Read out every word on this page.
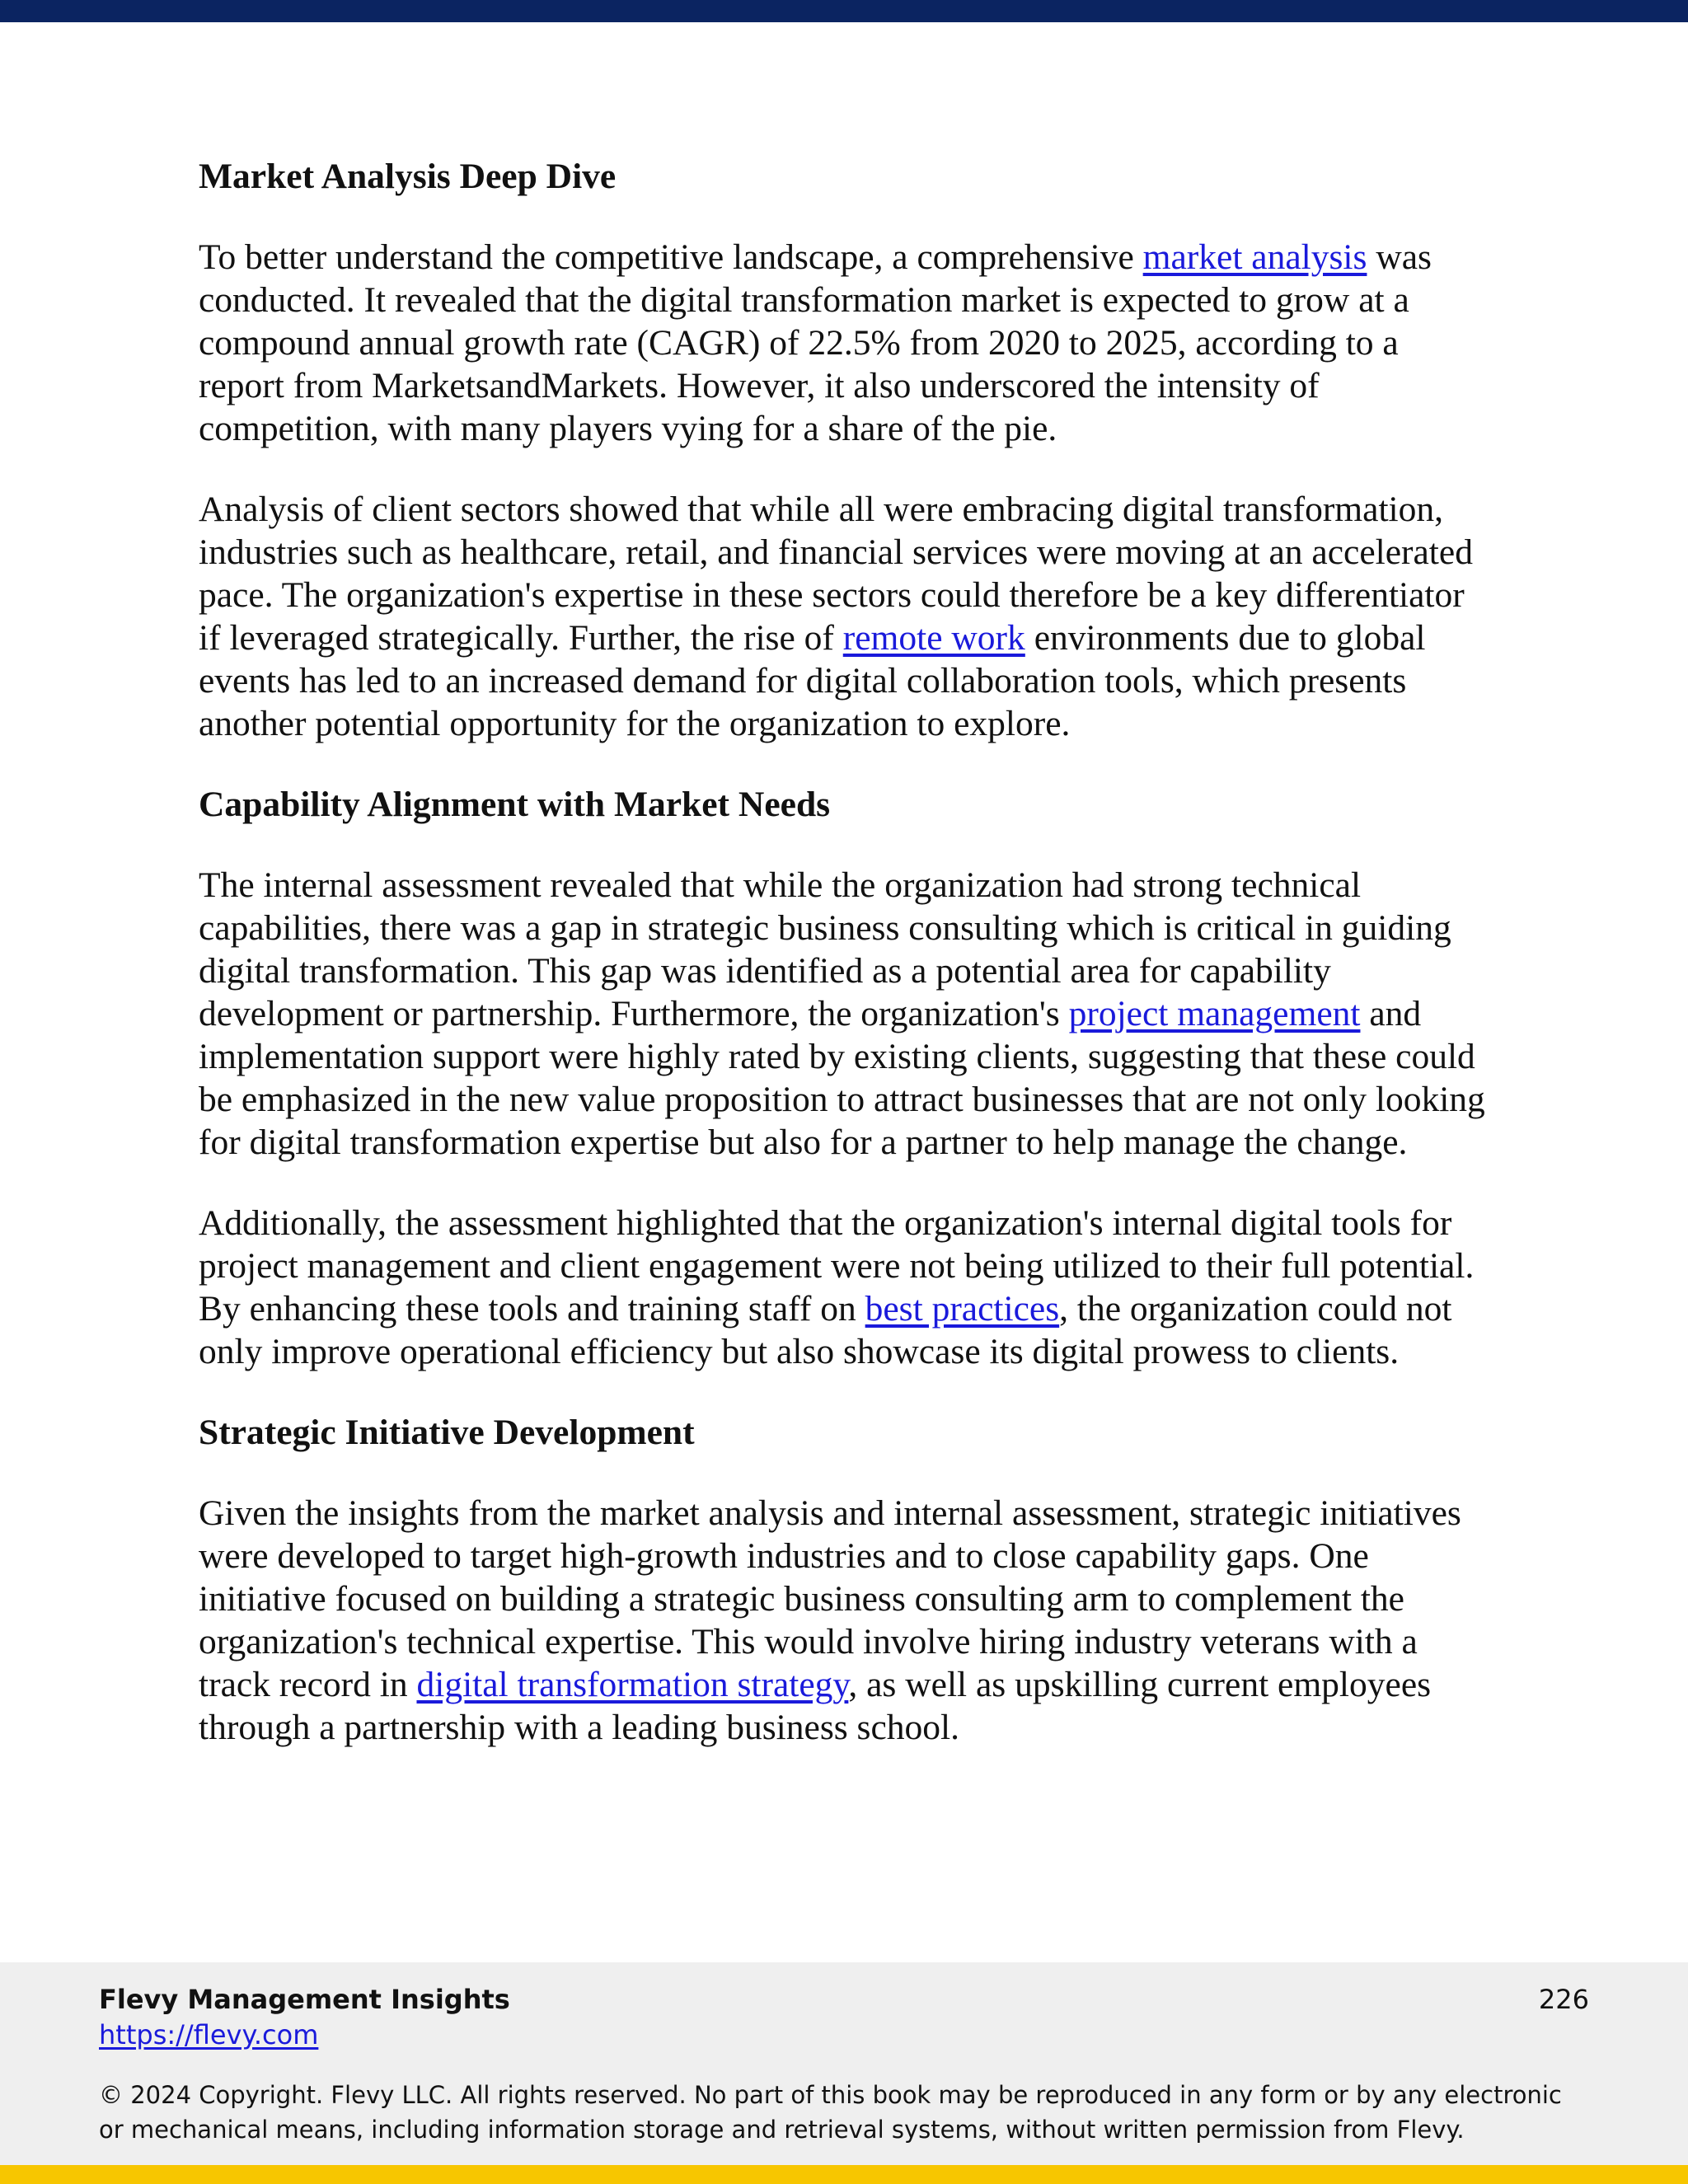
Market Analysis Deep Dive

To better understand the competitive landscape, a comprehensive market analysis was conducted. It revealed that the digital transformation market is expected to grow at a compound annual growth rate (CAGR) of 22.5% from 2020 to 2025, according to a report from MarketsandMarkets. However, it also underscored the intensity of competition, with many players vying for a share of the pie.

Analysis of client sectors showed that while all were embracing digital transformation, industries such as healthcare, retail, and financial services were moving at an accelerated pace. The organization's expertise in these sectors could therefore be a key differentiator if leveraged strategically. Further, the rise of remote work environments due to global events has led to an increased demand for digital collaboration tools, which presents another potential opportunity for the organization to explore.

Capability Alignment with Market Needs

The internal assessment revealed that while the organization had strong technical capabilities, there was a gap in strategic business consulting which is critical in guiding digital transformation. This gap was identified as a potential area for capability development or partnership. Furthermore, the organization's project management and implementation support were highly rated by existing clients, suggesting that these could be emphasized in the new value proposition to attract businesses that are not only looking for digital transformation expertise but also for a partner to help manage the change.

Additionally, the assessment highlighted that the organization's internal digital tools for project management and client engagement were not being utilized to their full potential. By enhancing these tools and training staff on best practices, the organization could not only improve operational efficiency but also showcase its digital prowess to clients.

Strategic Initiative Development

Given the insights from the market analysis and internal assessment, strategic initiatives were developed to target high-growth industries and to close capability gaps. One initiative focused on building a strategic business consulting arm to complement the organization's technical expertise. This would involve hiring industry veterans with a track record in digital transformation strategy, as well as upskilling current employees through a partnership with a leading business school.

Flevy Management Insights
https://flevy.com
226
© 2024 Copyright. Flevy LLC. All rights reserved. No part of this book may be reproduced in any form or by any electronic or mechanical means, including information storage and retrieval systems, without written permission from Flevy.
